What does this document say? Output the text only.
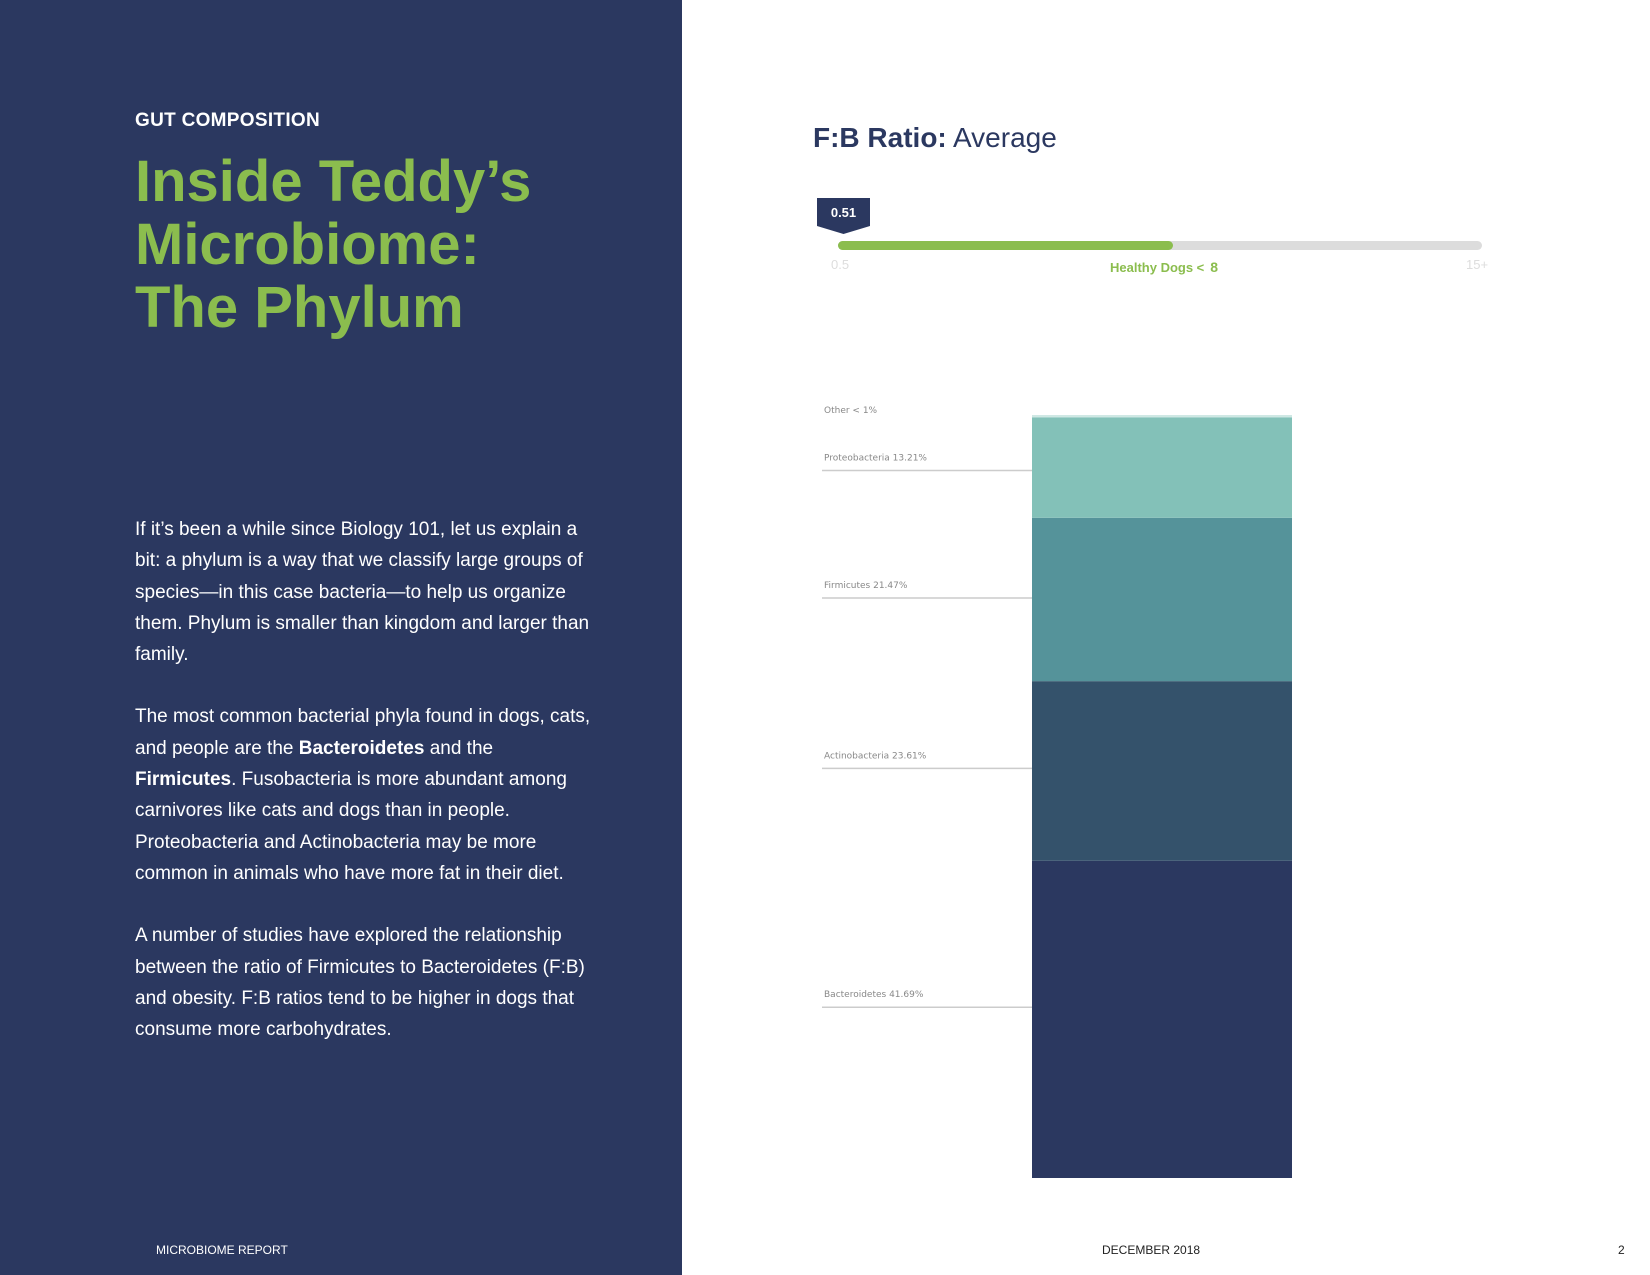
GUT COMPOSITION
Inside Teddy’s
Microbiome:
The Phylum

If it’s been a while since Biology 101, let us explain a bit: a phylum is a way that we classify large groups of species—in this case bacteria—to help us organize them. Phylum is smaller than kingdom and larger than family.

The most common bacterial phyla found in dogs, cats, and people are the Bacteroidetes and the Firmicutes. Fusobacteria is more abundant among carnivores like cats and dogs than in people. Proteobacteria and Actinobacteria may be more common in animals who have more fat in their diet.

A number of studies have explored the relationship between the ratio of Firmicutes to Bacteroidetes (F:B) and obesity. F:B ratios tend to be higher in dogs that consume more carbohydrates.

MICROBIOME REPORT
F:B Ratio: Average
0.51
0.5	15+
Healthy Dogs < 8
Bacteroidetes 41.69%
Actinobacteria 23.61%
Firmicutes 21.47%
Proteobacteria 13.21%
Other < 1%
DECEMBER 2018	2
